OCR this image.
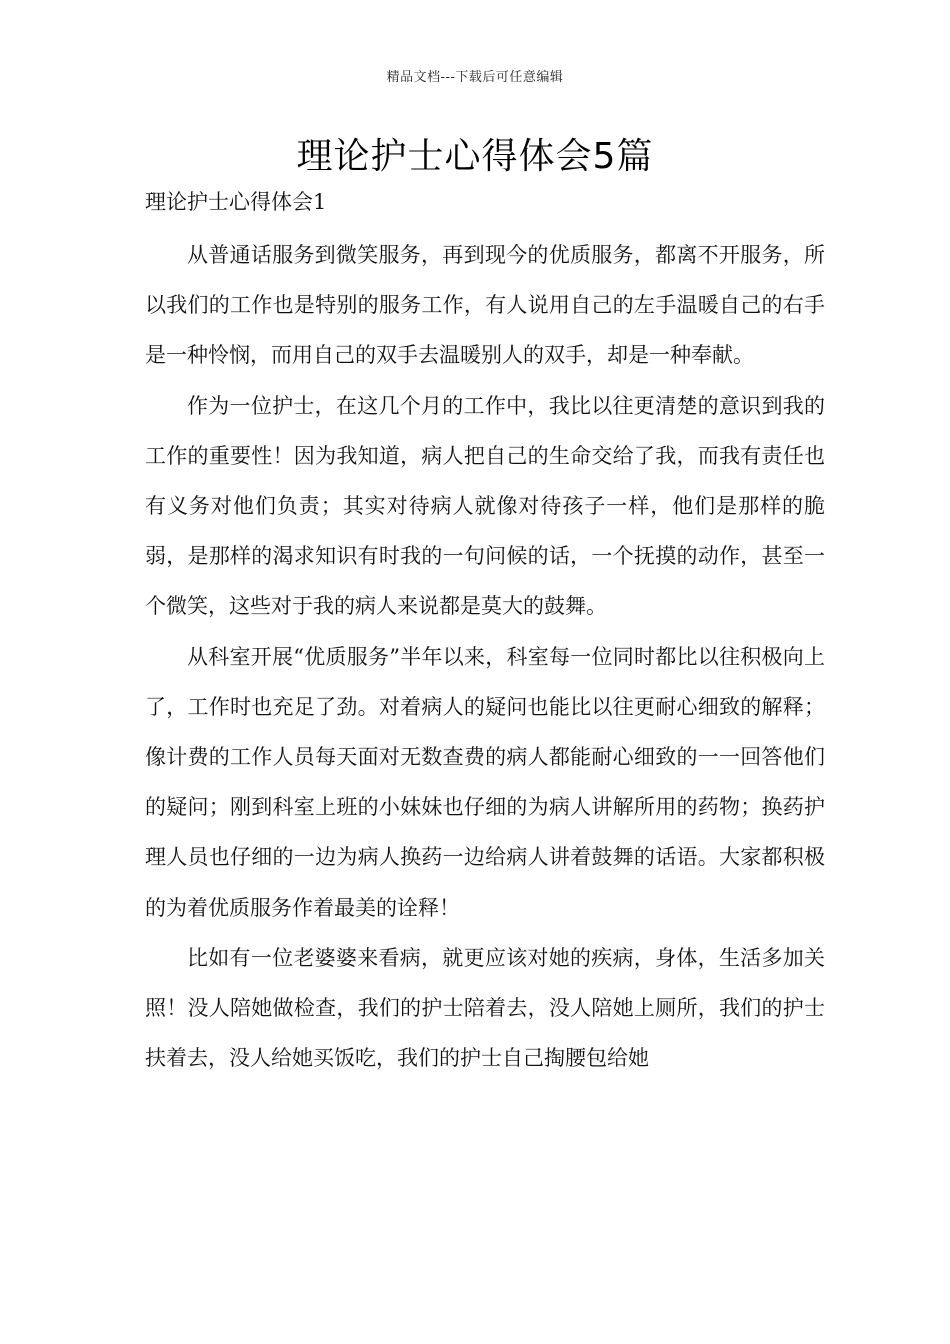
精品文档---下载后可任意编辑
理论护士心得体会5篇
理论护士心得体会1

从普通话服务到微笑服务，再到现今的优质服务，都离不开服务，所以我们的工作也是特别的服务工作，有人说用自己的左手温暖自己的右手是一种怜悯，而用自己的双手去温暖别人的双手，却是一种奉献。

作为一位护士，在这几个月的工作中，我比以往更清楚的意识到我的工作的重要性！因为我知道，病人把自己的生命交给了我，而我有责任也有义务对他们负责；其实对待病人就像对待孩子一样，他们是那样的脆弱，是那样的渴求知识有时我的一句问候的话，一个抚摸的动作，甚至一个微笑，这些对于我的病人来说都是莫大的鼓舞。

从科室开展“优质服务”半年以来，科室每一位同时都比以往积极向上了，工作时也充足了劲。对着病人的疑问也能比以往更耐心细致的解释；像计费的工作人员每天面对无数查费的病人都能耐心细致的一一回答他们的疑问；刚到科室上班的小妹妹也仔细的为病人讲解所用的药物；换药护理人员也仔细的一边为病人换药一边给病人讲着鼓舞的话语。大家都积极的为着优质服务作着最美的诠释！

比如有一位老婆婆来看病，就更应该对她的疾病，身体，生活多加关照！没人陪她做检查，我们的护士陪着去，没人陪她上厕所，我们的护士扶着去，没人给她买饭吃，我们的护士自己掏腰包给她
